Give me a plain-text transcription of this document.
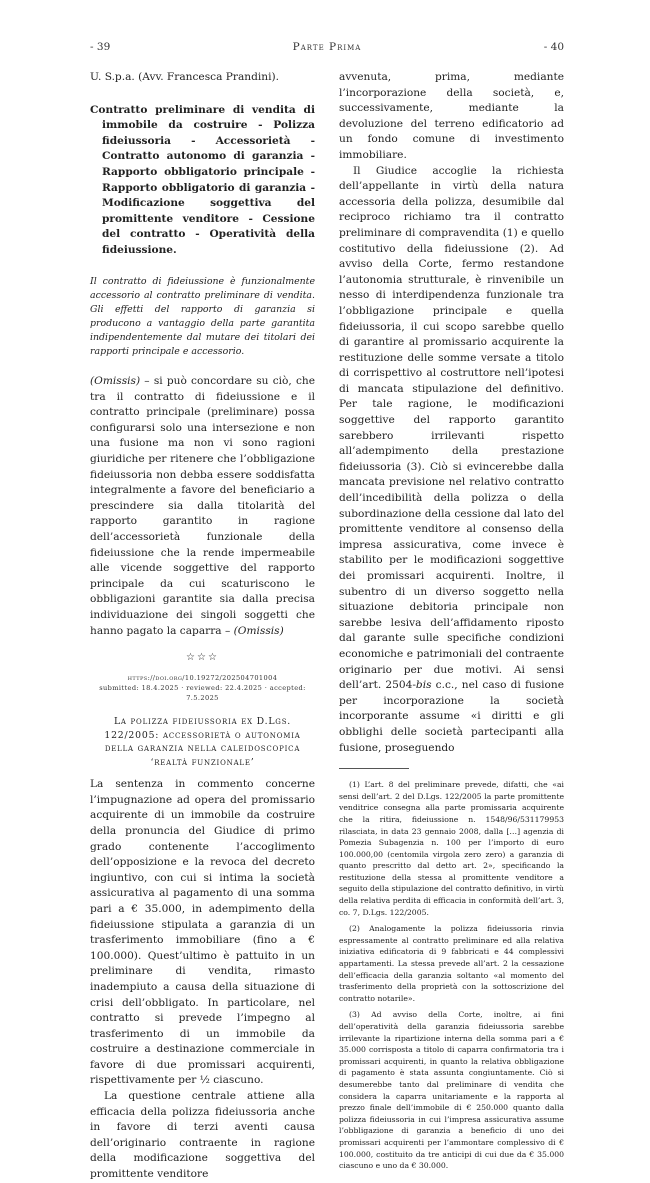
- 39	Parte Prima	- 40

U. S.p.a. (Avv. Francesca Prandini).

Contratto preliminare di vendita di immobile da costruire - Polizza fideiussoria - Accessorietà - Contratto autonomo di garanzia - Rapporto obbligatorio principale - Rapporto obbligatorio di garanzia - Modificazione soggettiva del promittente venditore - Cessione del contratto - Operatività della fideiussione.

Il contratto di fideiussione è funzionalmente accessorio al contratto preliminare di vendita. Gli effetti del rapporto di garanzia si producono a vantaggio della parte garantita indipendentemente dal mutare dei titolari dei rapporti principale e accessorio.

(Omissis) – si può concordare su ciò, che tra il contratto di fideiussione e il contratto principale (preliminare) possa configurarsi solo una intersezione e non una fusione ma non vi sono ragioni giuridiche per ritenere che l’obbligazione fideiussoria non debba essere soddisfatta integralmente a favore del beneficiario a prescindere sia dalla titolarità del rapporto garantito in ragione dell’accessorietà funzionale della fideiussione che la rende impermeabile alle vicende soggettive del rapporto principale da cui scaturiscono le obbligazioni garantite sia dalla precisa individuazione dei singoli soggetti che hanno pagato la caparra – (Omissis)

☆☆☆
https://doi.org/10.19272/202504701004
submitted: 18.4.2025 · reviewed: 22.4.2025 · accepted: 7.5.2025
La polizza fideiussoria ex D.Lgs. 122/2005: accessorietà o autonomia della garanzia nella caleidoscopica ‘realtà funzionale’

La sentenza in commento concerne l’impugnazione ad opera del promissario acquirente di un immobile da costruire della pronuncia del Giudice di primo grado contenente l’accoglimento dell’opposizione e la revoca del decreto ingiuntivo, con cui si intima la società assicurativa al pagamento di una somma pari a € 35.000, in adempimento della fideiussione stipulata a garanzia di un trasferimento immobiliare (fino a € 100.000). Quest’ultimo è pattuito in un preliminare di vendita, rimasto inadempiuto a causa della situazione di crisi dell’obbligato. In particolare, nel contratto si prevede l’impegno al trasferimento di un immobile da costruire a destinazione commerciale in favore di due promissari acquirenti, rispettivamente per ½ ciascuno.

La questione centrale attiene alla efficacia della polizza fideiussoria anche in favore di terzi aventi causa dell’originario contraente in ragione della modificazione soggettiva del promittente venditore

avvenuta, prima, mediante l’incorporazione della società, e, successivamente, mediante la devoluzione del terreno edificatorio ad un fondo comune di investimento immobiliare.

Il Giudice accoglie la richiesta dell’appellante in virtù della natura accessoria della polizza, desumibile dal reciproco richiamo tra il contratto preliminare di compravendita (1) e quello costitutivo della fideiussione (2). Ad avviso della Corte, fermo restandone l’autonomia strutturale, è rinvenibile un nesso di interdipendenza funzionale tra l’obbligazione principale e quella fideiussoria, il cui scopo sarebbe quello di garantire al promissario acquirente la restituzione delle somme versate a titolo di corrispettivo al costruttore nell’ipotesi di mancata stipulazione del definitivo. Per tale ragione, le modificazioni soggettive del rapporto garantito sarebbero irrilevanti rispetto all’adempimento della prestazione fideiussoria (3). Ciò si evincerebbe dalla mancata previsione nel relativo contratto dell’incedibilità della polizza o della subordinazione della cessione dal lato del promittente venditore al consenso della impresa assicurativa, come invece è stabilito per le modificazioni soggettive dei promissari acquirenti. Inoltre, il subentro di un diverso soggetto nella situazione debitoria principale non sarebbe lesiva dell’affidamento riposto dal garante sulle specifiche condizioni economiche e patrimoniali del contraente originario per due motivi. Ai sensi dell’art. 2504-bis c.c., nel caso di fusione per incorporazione la società incorporante assume «i diritti e gli obblighi delle società partecipanti alla fusione, proseguendo

(1) L’art. 8 del preliminare prevede, difatti, che «ai sensi dell’art. 2 del D.Lgs. 122/2005 la parte promittente venditrice consegna alla parte promissaria acquirente che la ritira, fideiussione n. 1548/96/531179953 rilasciata, in data 23 gennaio 2008, dalla […] agenzia di Pomezia Subagenzia n. 100 per l’importo di euro 100.000,00 (centomila virgola zero zero) a garanzia di quanto prescritto dal detto art. 2», specificando la restituzione della stessa al promittente venditore a seguito della stipulazione del contratto definitivo, in virtù della relativa perdita di efficacia in conformità dell’art. 3, co. 7, D.Lgs. 122/2005.

(2) Analogamente la polizza fideiussoria rinvia espressamente al contratto preliminare ed alla relativa iniziativa edificatoria di 9 fabbricati e 44 complessivi appartamenti. La stessa prevede all’art. 2 la cessazione dell’efficacia della garanzia soltanto «al momento del trasferimento della proprietà con la sottoscrizione del contratto notarile».

(3) Ad avviso della Corte, inoltre, ai fini dell’operatività della garanzia fideiussoria sarebbe irrilevante la ripartizione interna della somma pari a € 35.000 corrisposta a titolo di caparra confirmatoria tra i promissari acquirenti, in quanto la relativa obbligazione di pagamento è stata assunta congiuntamente. Ciò si desumerebbe tanto dal preliminare di vendita che considera la caparra unitariamente e la rapporta al prezzo finale dell’immobile di € 250.000 quanto dalla polizza fideiussoria in cui l’impresa assicurativa assume l’obbligazione di garanzia a beneficio di uno dei promissari acquirenti per l’ammontare complessivo di € 100.000, costituito da tre anticipi di cui due da € 35.000 ciascuno e uno da € 30.000.
